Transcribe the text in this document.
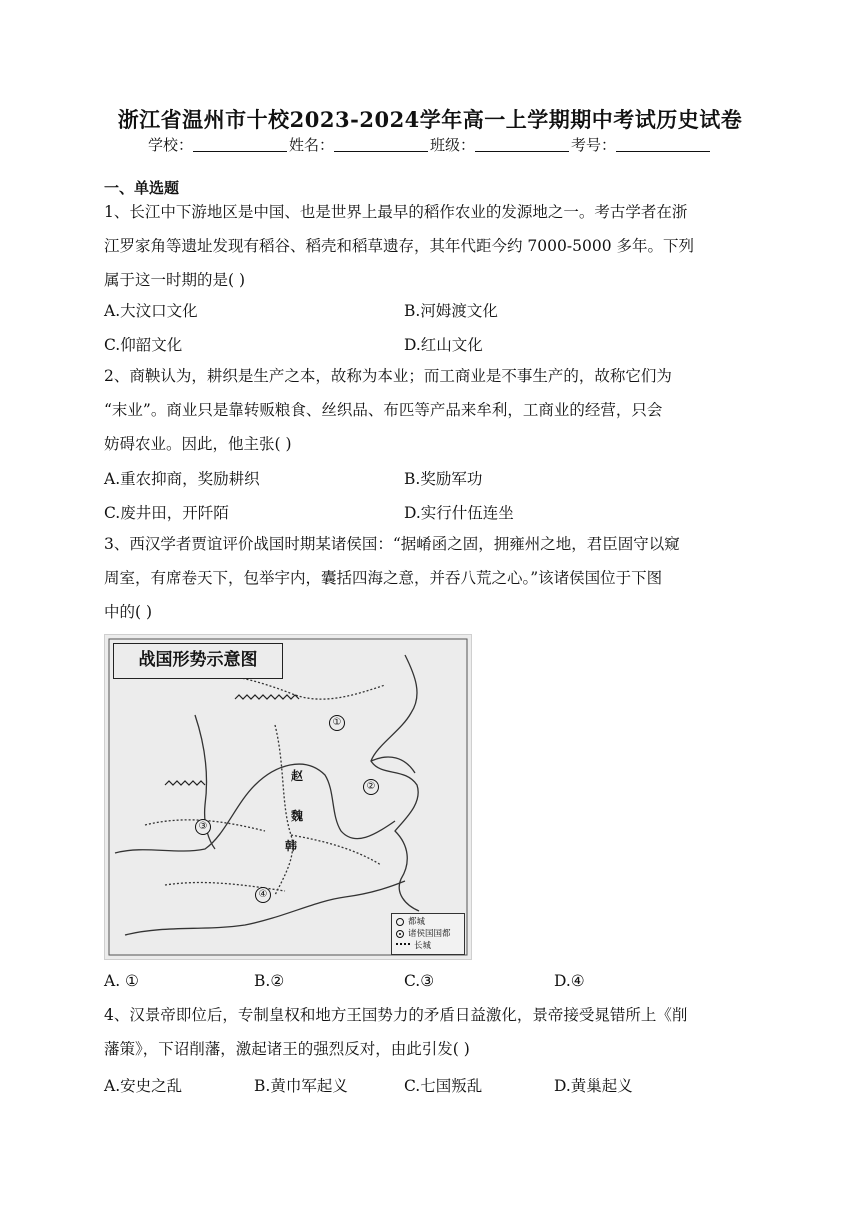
浙江省温州市十校2023-2024学年高一上学期期中考试历史试卷
学校：	姓名：	班级：	考号：
一、单选题
1、长江中下游地区是中国、也是世界上最早的稻作农业的发源地之一。考古学者在浙
江罗家角等遗址发现有稻谷、稻壳和稻草遗存，其年代距今约 7000-5000 多年。下列
属于这一时期的是( )
A.大汶口文化	B.河姆渡文化
C.仰韶文化	D.红山文化
2、商鞅认为，耕织是生产之本，故称为本业；而工商业是不事生产的，故称它们为
“末业”。商业只是靠转贩粮食、丝织品、布匹等产品来牟利，工商业的经营，只会
妨碍农业。因此，他主张( )
A.重农抑商，奖励耕织	B.奖励军功
C.废井田，开阡陌	D.实行什伍连坐
3、西汉学者贾谊评价战国时期某诸侯国：“据崤函之固，拥雍州之地，君臣固守以窥
周室，有席卷天下，包举宇内，囊括四海之意，并吞八荒之心。”该诸侯国位于下图
中的( )
战国形势示意图
赵
魏
韩
①
②
③
④
都城
诸侯国国都
长城
A. ①	B.②	C.③	D.④
4、汉景帝即位后，专制皇权和地方王国势力的矛盾日益激化，景帝接受晁错所上《削
藩策》，下诏削藩，激起诸王的强烈反对，由此引发( )
A.安史之乱	B.黄巾军起义	C.七国叛乱	D.黄巢起义
